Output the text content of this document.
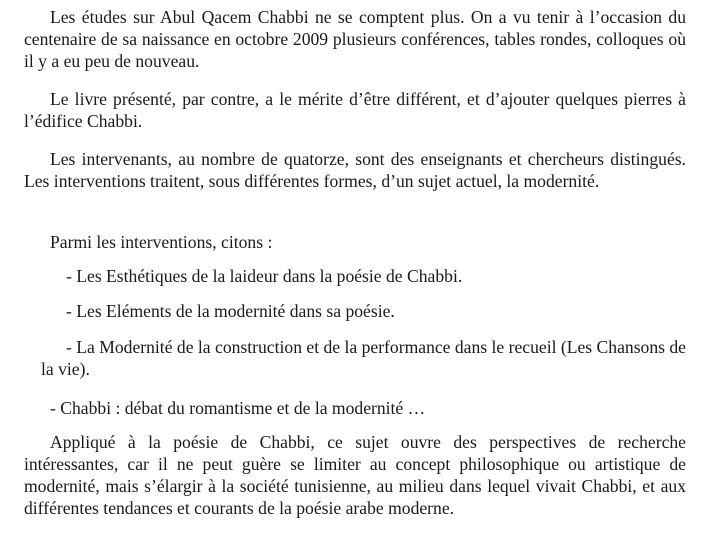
Les études sur Abul Qacem Chabbi ne se comptent plus. On a vu tenir à l’occasion du centenaire de sa naissance en octobre 2009 plusieurs conférences, tables rondes, colloques où il y a eu peu de nouveau.

Le livre présenté, par contre, a le mérite d’être différent, et d’ajouter quelques pierres à l’édifice Chabbi.

Les intervenants, au nombre de quatorze, sont des enseignants et chercheurs distingués. Les interventions traitent, sous différentes formes, d’un sujet actuel, la modernité.

Parmi les interventions, citons :

- Les Esthétiques de la laideur dans la poésie de Chabbi.

- Les Eléments de la modernité dans sa poésie.

- La Modernité de la construction et de la performance dans le recueil (Les Chansons de la vie).

- Chabbi : débat du romantisme et de la modernité …

Appliqué à la poésie de Chabbi, ce sujet ouvre des perspectives de recherche intéressantes, car il ne peut guère se limiter au concept philosophique ou artistique de modernité, mais s’élargir à la société tunisienne, au milieu dans lequel vivait Chabbi, et aux différentes tendances et courants de la poésie arabe moderne.
